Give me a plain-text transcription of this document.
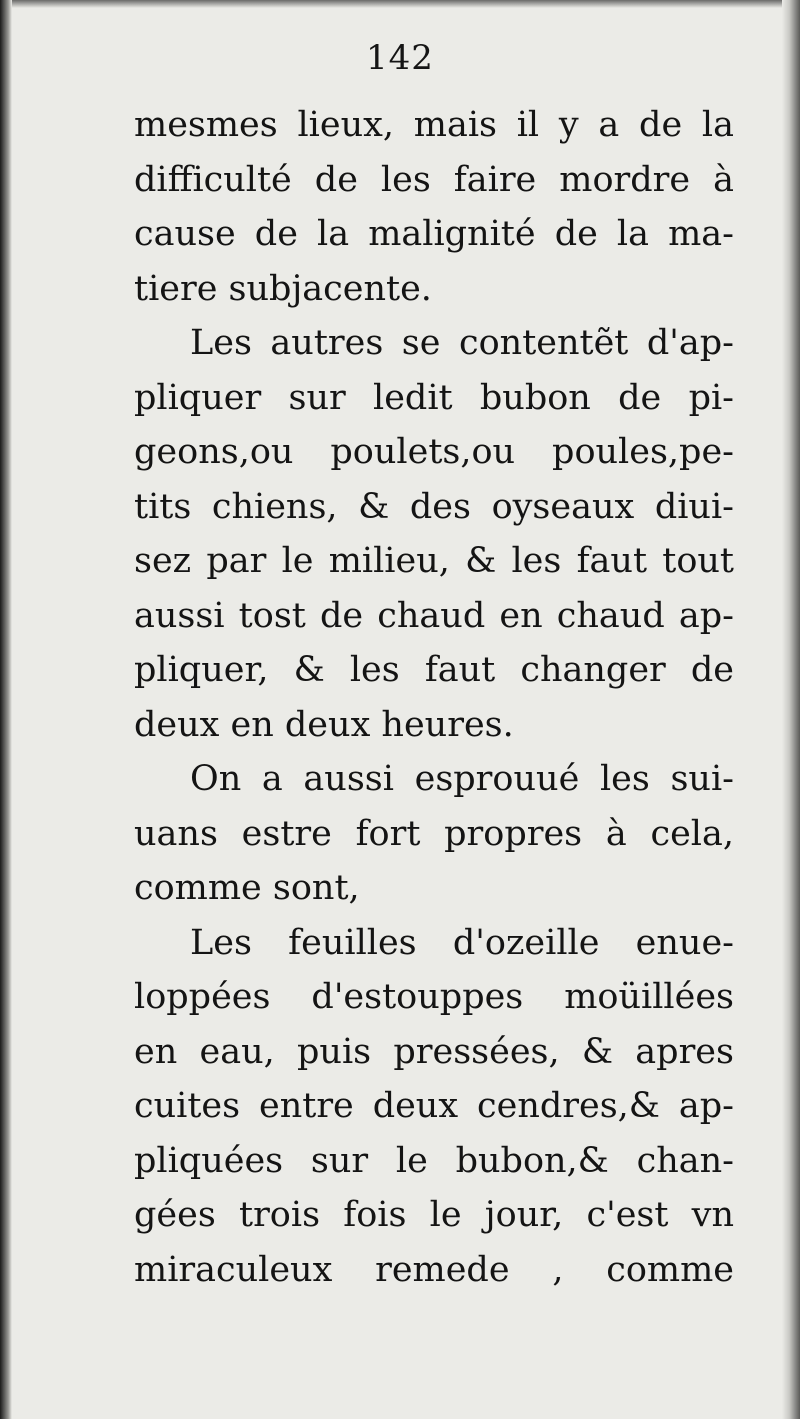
142
mesmes lieux, mais il y a de la
difficulté de les faire mordre à
cause de la malignité de la ma-
tiere subjacente.
Les autres se contentẽt d'ap-
pliquer sur ledit bubon de pi-
geons,ou poulets,ou poules,pe-
tits chiens, & des oyseaux diui-
sez par le milieu, & les faut tout
aussi tost de chaud en chaud ap-
pliquer, & les faut changer de
deux en deux heures.
On a aussi esprouué les sui-
uans estre fort propres à cela,
comme sont,
Les feuilles d'ozeille enue-
loppées d'estouppes moüillées
en eau, puis pressées, & apres
cuites entre deux cendres,& ap-
pliquées sur le bubon,& chan-
gées trois fois le jour, c'est vn
miraculeux remede , comme
